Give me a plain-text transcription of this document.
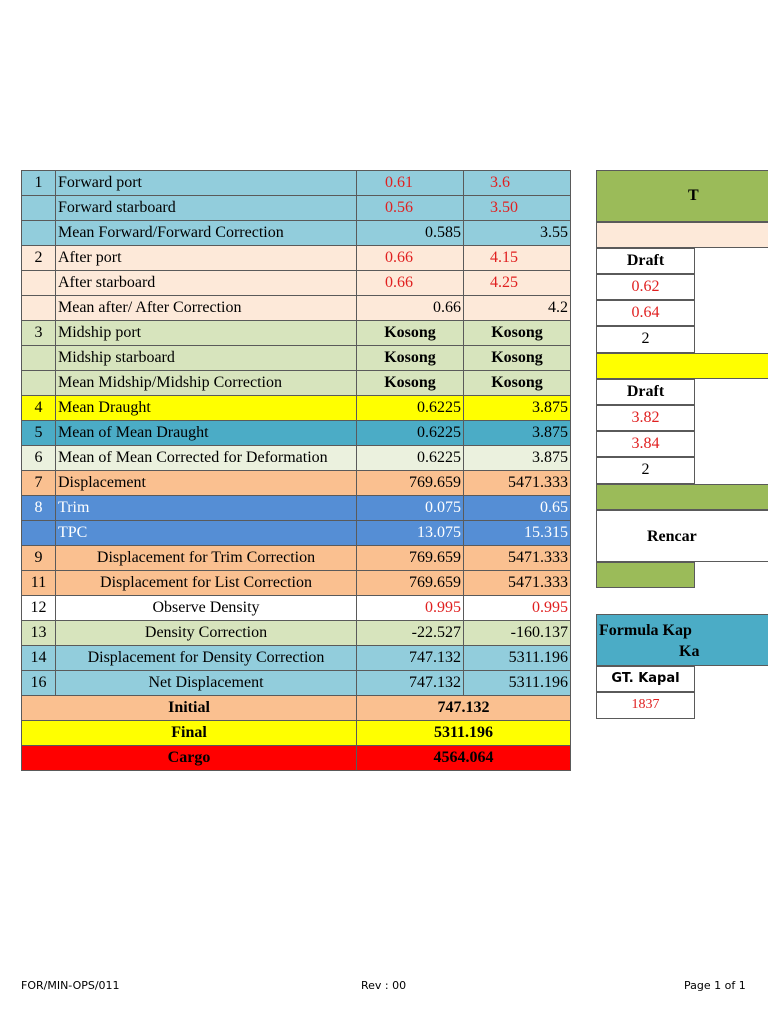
1	Forward port	0.61	3.6
	Forward starboard	0.56	3.50
	Mean Forward/Forward Correction	0.585	3.55
2	After port	0.66	4.15
	After starboard	0.66	4.25
	Mean after/ After Correction	0.66	4.2
3	Midship port	Kosong	Kosong
	Midship starboard	Kosong	Kosong
	Mean Midship/Midship Correction	Kosong	Kosong
4	Mean Draught	0.6225	3.875
5	Mean of Mean Draught	0.6225	3.875
6	Mean of Mean Corrected for Deformation	0.6225	3.875
7	Displacement	769.659	5471.333
8	Trim	0.075	0.65
	TPC	13.075	15.315
9	Displacement for Trim Correction	769.659	5471.333
11	Displacement for List Correction	769.659	5471.333
12	Observe Density	0.995	0.995
13	Density Correction	-22.527	-160.137
14	Displacement for Density Correction	747.132	5311.196
16	Net Displacement	747.132	5311.196
Initial		747.132	
Final		5311.196	
Cargo		4564.064	
T
Draft
0.62
0.64
2
Draft
3.82
3.84
2
Rencar
Formula Kap
Ka
GT. Kapal
1837
FOR/MIN-OPS/011	Rev : 00	Page 1 of 1
